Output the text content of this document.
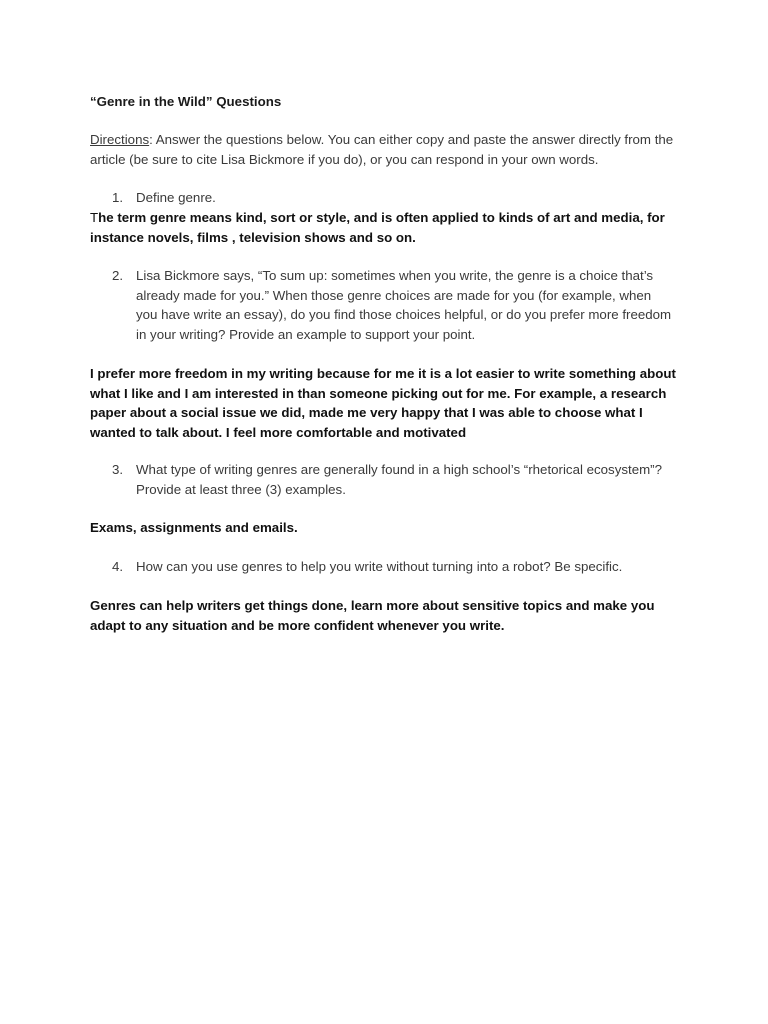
“Genre in the Wild” Questions
Directions: Answer the questions below. You can either copy and paste the answer directly from the article (be sure to cite Lisa Bickmore if you do), or you can respond in your own words.
1. Define genre.
The term genre means kind, sort or style, and is often applied to kinds of art and media, for instance novels, films , television shows and so on.
2. Lisa Bickmore says, “To sum up: sometimes when you write, the genre is a choice that’s already made for you.” When those genre choices are made for you (for example, when you have write an essay), do you find those choices helpful, or do you prefer more freedom in your writing? Provide an example to support your point.
I prefer more freedom in my writing because for me it is a lot easier to write something about what I like and I am interested in than someone picking out for me. For example, a research paper about a social issue we did, made me very happy that I was able to choose what I wanted to talk about. I feel more comfortable and motivated
3. What type of writing genres are generally found in a high school’s “rhetorical ecosystem”? Provide at least three (3) examples.
Exams, assignments and emails.
4. How can you use genres to help you write without turning into a robot? Be specific.
Genres can help writers get things done, learn more about sensitive topics and make you adapt to any situation and be more confident whenever you write.
